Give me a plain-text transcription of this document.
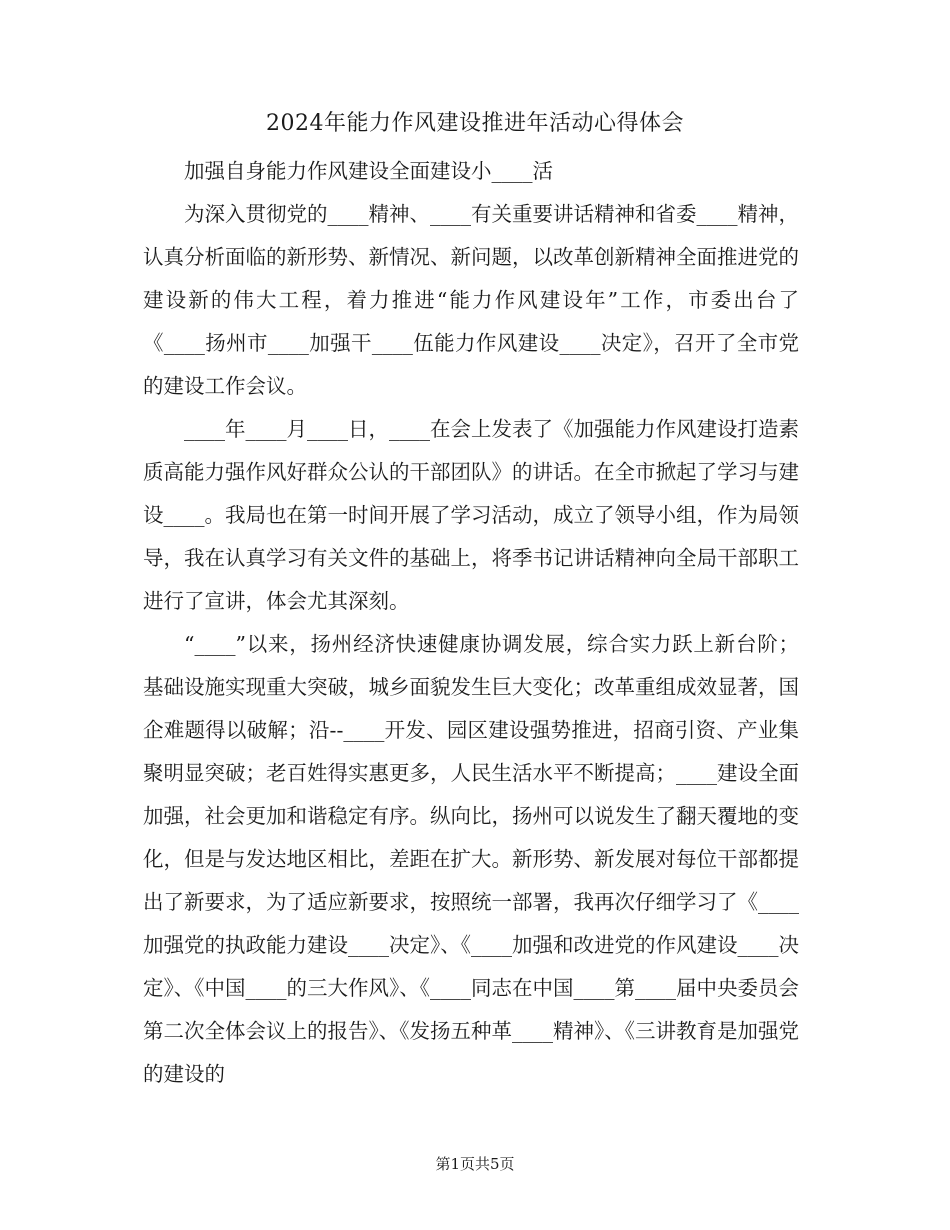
2024年能力作风建设推进年活动心得体会

加强自身能力作风建设全面建设小____活

为深入贯彻党的____精神、____有关重要讲话精神和省委____精神，认真分析面临的新形势、新情况、新问题，以改革创新精神全面推进党的建设新的伟大工程，着力推进“能力作风建设年”工作，市委出台了《____扬州市____加强干____伍能力作风建设____决定》，召开了全市党的建设工作会议。

____年____月____日，____在会上发表了《加强能力作风建设打造素质高能力强作风好群众公认的干部团队》的讲话。在全市掀起了学习与建设____。我局也在第一时间开展了学习活动，成立了领导小组，作为局领导，我在认真学习有关文件的基础上，将季书记讲话精神向全局干部职工进行了宣讲，体会尤其深刻。

“____”以来，扬州经济快速健康协调发展，综合实力跃上新台阶；基础设施实现重大突破，城乡面貌发生巨大变化；改革重组成效显著，国企难题得以破解；沿--____开发、园区建设强势推进，招商引资、产业集聚明显突破；老百姓得实惠更多，人民生活水平不断提高；____建设全面加强，社会更加和谐稳定有序。纵向比，扬州可以说发生了翻天覆地的变化，但是与发达地区相比，差距在扩大。新形势、新发展对每位干部都提出了新要求，为了适应新要求，按照统一部署，我再次仔细学习了《____加强党的执政能力建设____决定》、《____加强和改进党的作风建设____决定》、《中国____的三大作风》、《____同志在中国____第____届中央委员会第二次全体会议上的报告》、《发扬五种革____精神》、《三讲教育是加强党的建设的

第1页共5页
